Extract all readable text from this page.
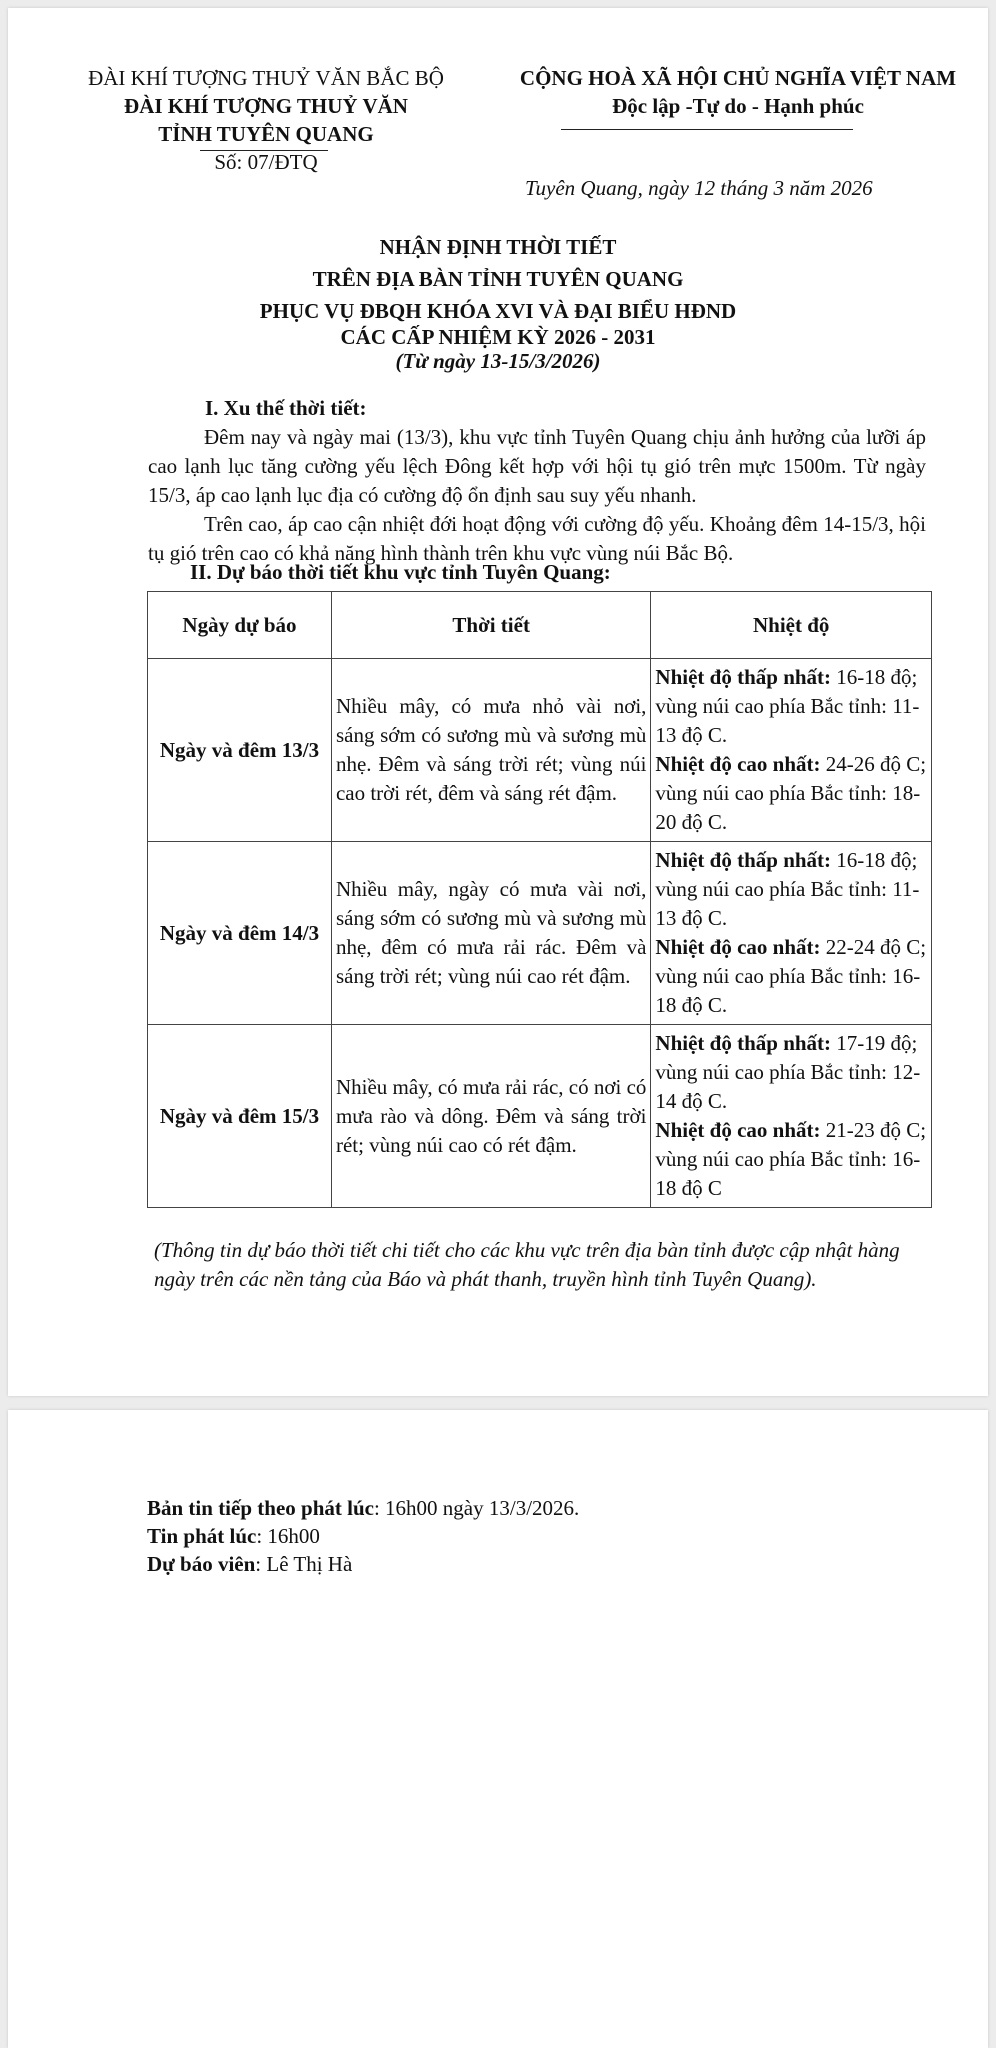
ĐÀI KHÍ TƯỢNG THUỶ VĂN BẮC BỘ
ĐÀI KHÍ TƯỢNG THUỶ VĂN
TỈNH TUYÊN QUANG
Số: 07/ĐTQ
CỘNG HOÀ XÃ HỘI CHỦ NGHĨA VIỆT NAM
Độc lập -Tự do - Hạnh phúc
Tuyên Quang, ngày 12 tháng 3 năm 2026
NHẬN ĐỊNH THỜI TIẾT
TRÊN ĐỊA BÀN TỈNH TUYÊN QUANG
PHỤC VỤ ĐBQH KHÓA XVI VÀ ĐẠI BIỂU HĐND
CÁC CẤP NHIỆM KỲ 2026 - 2031
(Từ ngày 13-15/3/2026)
I. Xu thế thời tiết:
Đêm nay và ngày mai (13/3), khu vực tỉnh Tuyên Quang chịu ảnh hưởng của lưỡi áp cao lạnh lục tăng cường yếu lệch Đông kết hợp với hội tụ gió trên mực 1500m. Từ ngày 15/3, áp cao lạnh lục địa có cường độ ổn định sau suy yếu nhanh.
Trên cao, áp cao cận nhiệt đới hoạt động với cường độ yếu. Khoảng đêm 14-15/3, hội tụ gió trên cao có khả năng hình thành trên khu vực vùng núi Bắc Bộ.
II. Dự báo thời tiết khu vực tỉnh Tuyên Quang:
Ngày dự báo	Thời tiết	Nhiệt độ
Ngày và đêm 13/3	Nhiều mây, có mưa nhỏ vài nơi, sáng sớm có sương mù và sương mù nhẹ. Đêm và sáng trời rét; vùng núi cao trời rét, đêm và sáng rét đậm.	Nhiệt độ thấp nhất: 16-18 độ; vùng núi cao phía Bắc tỉnh: 11-13 độ C.
Nhiệt độ cao nhất: 24-26 độ C; vùng núi cao phía Bắc tỉnh: 18-20 độ C.
Ngày và đêm 14/3	Nhiều mây, ngày có mưa vài nơi, sáng sớm có sương mù và sương mù nhẹ, đêm có mưa rải rác. Đêm và sáng trời rét; vùng núi cao rét đậm.	Nhiệt độ thấp nhất: 16-18 độ; vùng núi cao phía Bắc tỉnh: 11-13 độ C.
Nhiệt độ cao nhất: 22-24 độ C; vùng núi cao phía Bắc tỉnh: 16-18 độ C.
Ngày và đêm 15/3	Nhiều mây, có mưa rải rác, có nơi có mưa rào và dông. Đêm và sáng trời rét; vùng núi cao có rét đậm.	Nhiệt độ thấp nhất: 17-19 độ; vùng núi cao phía Bắc tỉnh: 12-14 độ C.
Nhiệt độ cao nhất: 21-23 độ C; vùng núi cao phía Bắc tỉnh: 16-18 độ C
(Thông tin dự báo thời tiết chi tiết cho các khu vực trên địa bàn tỉnh được cập nhật hàng ngày trên các nền tảng của Báo và phát thanh, truyền hình tỉnh Tuyên Quang).
Bản tin tiếp theo phát lúc: 16h00 ngày 13/3/2026.
Tin phát lúc: 16h00
Dự báo viên: Lê Thị Hà
